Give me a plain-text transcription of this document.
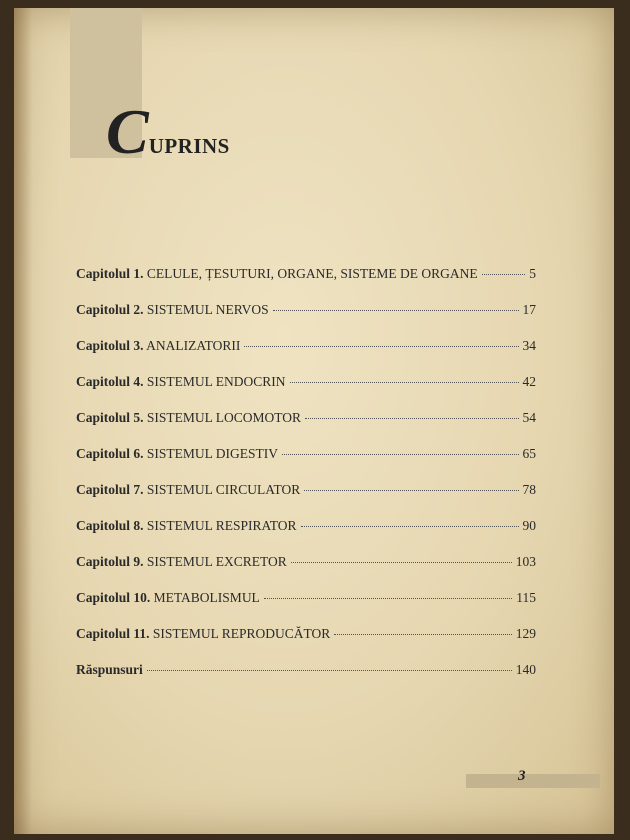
C UPRINS
Capitolul 1. CELULE, ȚESUTURI, ORGANE, SISTEME DE ORGANE	5
Capitolul 2. SISTEMUL NERVOS	17
Capitolul 3. ANALIZATORII	34
Capitolul 4. SISTEMUL ENDOCRIN	42
Capitolul 5. SISTEMUL LOCOMOTOR	54
Capitolul 6. SISTEMUL DIGESTIV	65
Capitolul 7. SISTEMUL CIRCULATOR	78
Capitolul 8. SISTEMUL RESPIRATOR	90
Capitolul 9. SISTEMUL EXCRETOR	103
Capitolul 10. METABOLISMUL	115
Capitolul 11. SISTEMUL REPRODUCĂTOR	129
Răspunsuri	140
3
